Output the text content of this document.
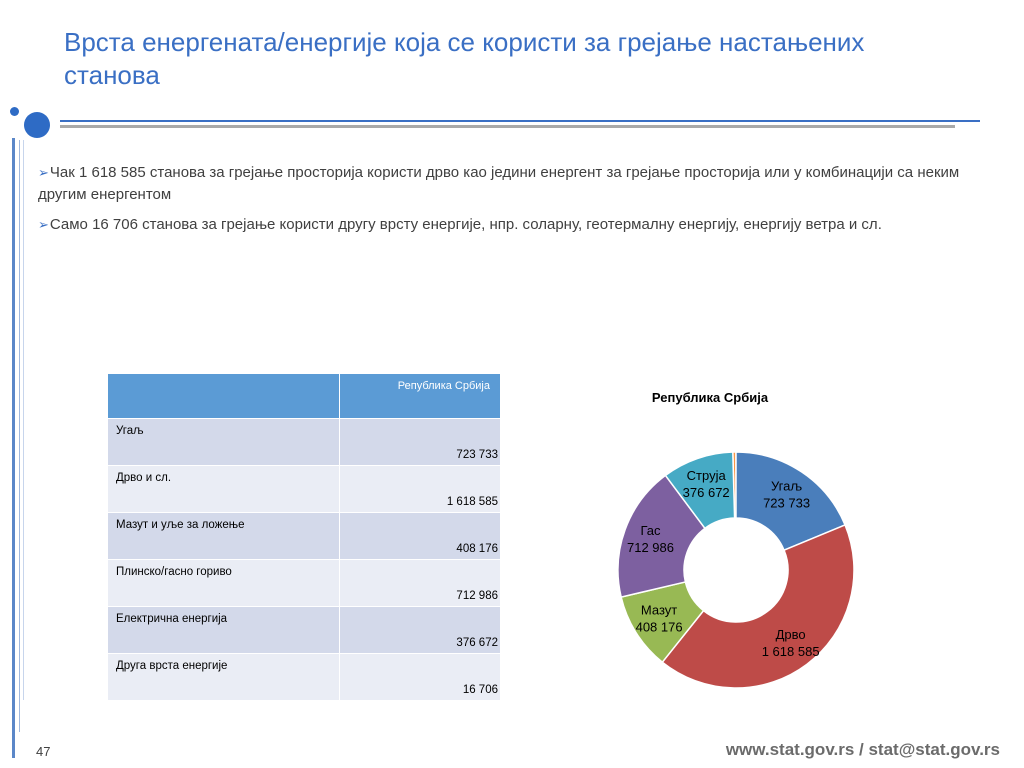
Врста енергената/енергије која се користи за грејање настањених станова
➢Чак 1 618 585 станова за грејање просторија користи дрво као једини енергент за грејање просторија или у комбинацији са неким другим енергентом
➢Само 16 706 станова за грејање користи другу врсту енергије, нпр. соларну, геотермалну енергију, енергију ветра и сл.
	Република Србија
Угаљ	723 733
Дрво и сл.	1 618 585
Мазут и уље за ложење	408 176
Плинско/гасно гориво	712 986
Електрична енергија	376 672
Друга врста енергије	16 706
Република Србија
Угаљ 723 733
Дрво 1 618 585
Мазут 408 176
Гас 712 986
Струја 376 672
47	www.stat.gov.rs / stat@stat.gov.rs
